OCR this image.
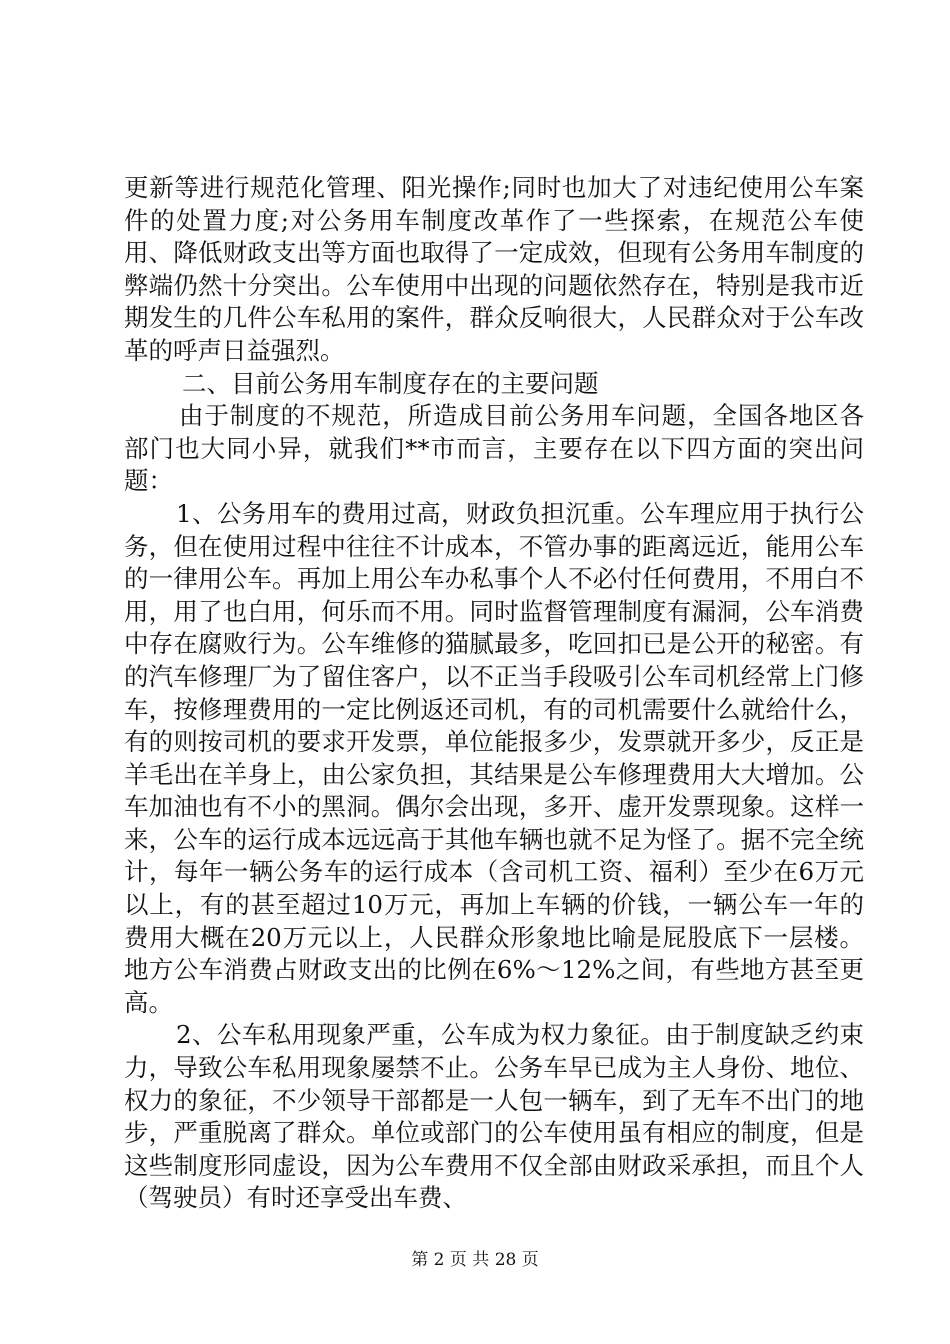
更新等进行规范化管理、阳光操作;同时也加大了对违纪使用公车案件的处置力度;对公务用车制度改革作了一些探索，在规范公车使用、降低财政支出等方面也取得了一定成效，但现有公务用车制度的弊端仍然十分突出。公车使用中出现的问题依然存在，特别是我市近期发生的几件公车私用的案件，群众反响很大，人民群众对于公车改革的呼声日益强烈。

二、目前公务用车制度存在的主要问题

由于制度的不规范，所造成目前公务用车问题，全国各地区各部门也大同小异，就我们**市而言，主要存在以下四方面的突出问题：

1、公务用车的费用过高，财政负担沉重。公车理应用于执行公务，但在使用过程中往往不计成本，不管办事的距离远近，能用公车的一律用公车。再加上用公车办私事个人不必付任何费用，不用白不用，用了也白用，何乐而不用。同时监督管理制度有漏洞，公车消费中存在腐败行为。公车维修的猫腻最多，吃回扣已是公开的秘密。有的汽车修理厂为了留住客户，以不正当手段吸引公车司机经常上门修车，按修理费用的一定比例返还司机，有的司机需要什么就给什么，有的则按司机的要求开发票，单位能报多少，发票就开多少，反正是羊毛出在羊身上，由公家负担，其结果是公车修理费用大大增加。公车加油也有不小的黑洞。偶尔会出现，多开、虚开发票现象。这样一来，公车的运行成本远远高于其他车辆也就不足为怪了。据不完全统计，每年一辆公务车的运行成本（含司机工资、福利）至少在6万元以上，有的甚至超过10万元，再加上车辆的价钱，一辆公车一年的费用大概在20万元以上，人民群众形象地比喻是屁股底下一层楼。地方公车消费占财政支出的比例在6%～12%之间，有些地方甚至更高。

2、公车私用现象严重，公车成为权力象征。由于制度缺乏约束力，导致公车私用现象屡禁不止。公务车早已成为主人身份、地位、权力的象征，不少领导干部都是一人包一辆车，到了无车不出门的地步，严重脱离了群众。单位或部门的公车使用虽有相应的制度，但是这些制度形同虚设，因为公车费用不仅全部由财政采承担，而且个人（驾驶员）有时还享受出车费、

第 2 页 共 28 页
